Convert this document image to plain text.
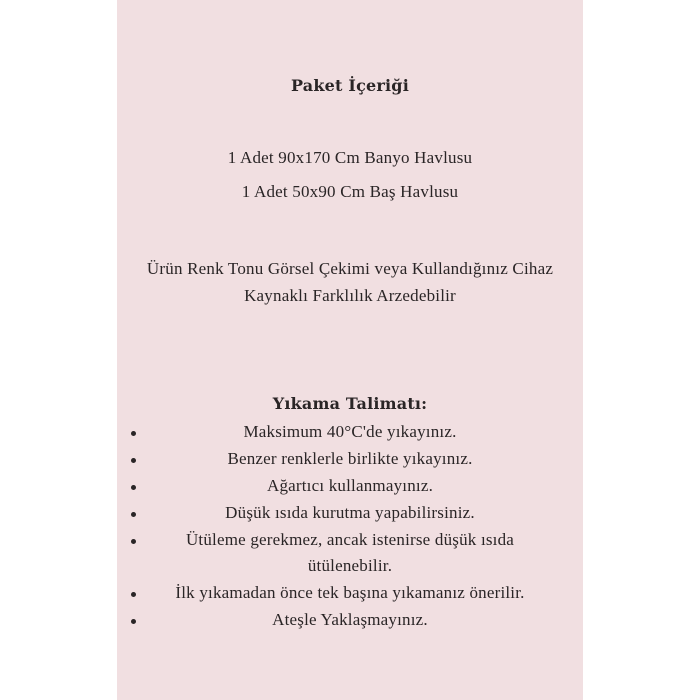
Paket İçeriği
1 Adet 90x170 Cm Banyo Havlusu
1 Adet 50x90 Cm Baş Havlusu
Ürün Renk Tonu Görsel Çekimi veya Kullandığınız Cihaz
Kaynaklı Farklılık Arzedebilir
Yıkama Talimatı:
Maksimum 40°C'de yıkayınız.
Benzer renklerle birlikte yıkayınız.
Ağartıcı kullanmayınız.
Düşük ısıda kurutma yapabilirsiniz.
Ütüleme gerekmez, ancak istenirse düşük ısıda
ütülenebilir.
İlk yıkamadan önce tek başına yıkamanız önerilir.
Ateşle Yaklaşmayınız.
